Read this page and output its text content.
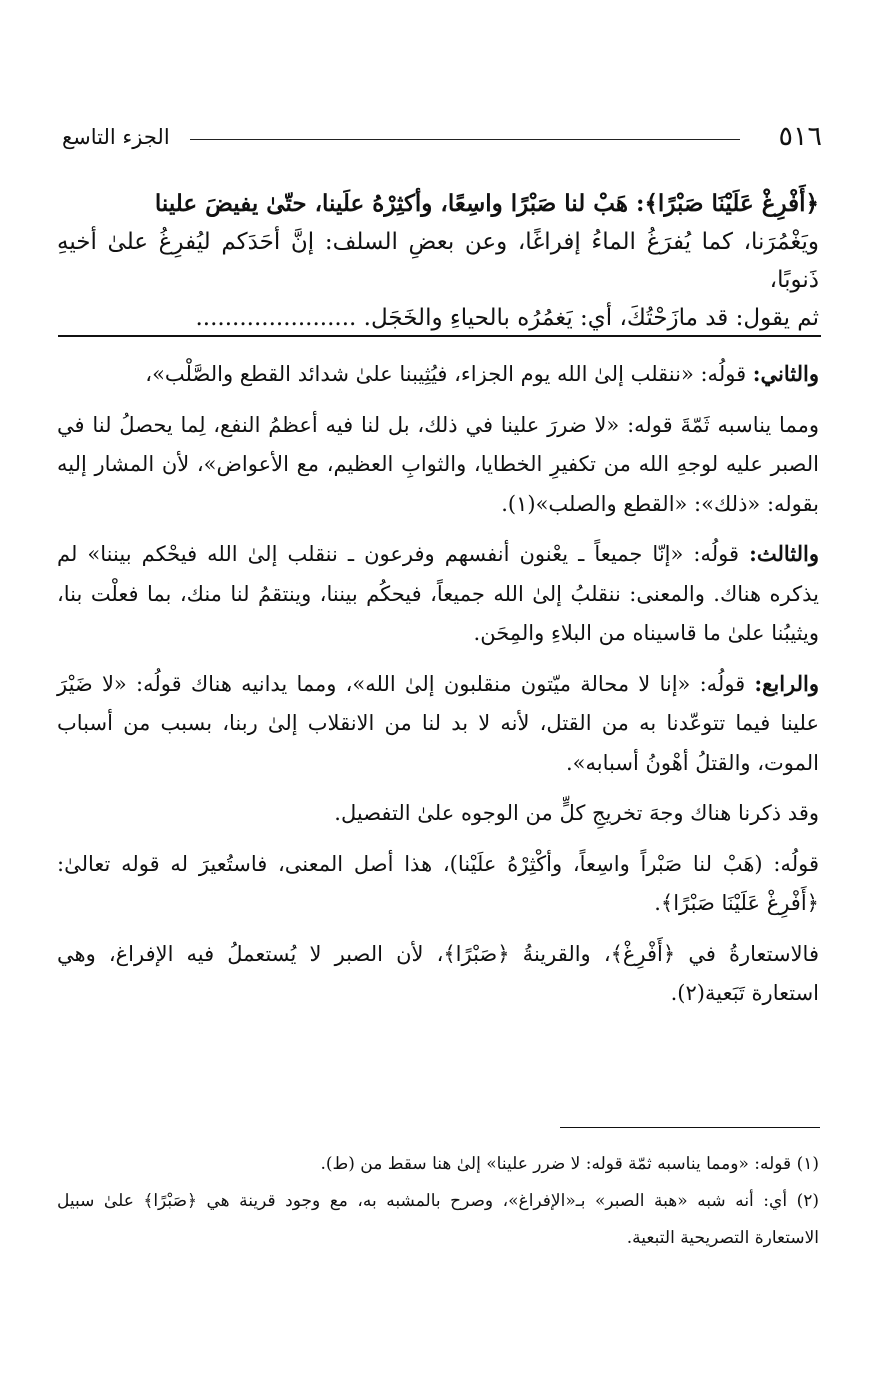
الجزء التاسع	٥١٦

﴿أَفْرِغْ عَلَيْنَا صَبْرًا﴾: هَبْ لنا صَبْرًا واسِعًا، وأكثِرْهُ علَينا، حتّىٰ يفيضَ علينا

ويَغْمُرَنا، كما يُفرَغُ الماءُ إفراغًا، وعن بعضِ السلف: إنَّ أحَدَكم ليُفرِغُ علىٰ أخيهِ ذَنوبًا،

ثم يقول: قد مازَحْتُكَ، أي: يَغمُرُه بالحياءِ والخَجَل. ......................

والثاني: قولُه: «ننقلب إلىٰ الله يوم الجزاء، فيُثِيبنا علىٰ شدائد القطع والصَّلْب»،

ومما يناسبه ثَمّةَ قوله: «لا ضررَ علينا في ذلك، بل لنا فيه أعظمُ النفع، لِما يحصلُ لنا في الصبر عليه لوجهِ الله من تكفيرِ الخطايا، والثوابِ العظيم، مع الأعواض»، لأن المشار إليه بقوله: «ذلك»: «القطع والصلب»(١).

والثالث: قولُه: «إنّا جميعاً ـ يعْنون أنفسهم وفرعون ـ ننقلب إلىٰ الله فيحْكم بيننا» لم يذكره هناك. والمعنى: ننقلبُ إلىٰ الله جميعاً، فيحكُم بيننا، وينتقمُ لنا منك، بما فعلْت بنا، ويثيبُنا علىٰ ما قاسيناه من البلاءِ والمِحَن.

والرابع: قولُه: «إنا لا محالة ميّتون منقلبون إلىٰ الله»، ومما يدانيه هناك قولُه: «لا ضَيْرَ علينا فيما تتوعّدنا به من القتل، لأنه لا بد لنا من الانقلاب إلىٰ ربنا، بسبب من أسباب الموت، والقتلُ أهْونُ أسبابه».

وقد ذكرنا هناك وجهَ تخريجِ كلٍّ من الوجوه علىٰ التفصيل.

قولُه: (هَبْ لنا صَبْراً واسِعاً، وأكْثِرْهُ علَيْنا)، هذا أصل المعنى، فاستُعيرَ له قوله تعالىٰ: ﴿أَفْرِغْ عَلَيْنَا صَبْرًا﴾.

فالاستعارةُ في ﴿أَفْرِغْ﴾، والقرينةُ ﴿صَبْرًا﴾، لأن الصبر لا يُستعملُ فيه الإفراغ، وهي استعارة تَبَعية(٢).

(١) قوله: «ومما يناسبه ثمّة قوله: لا ضرر علينا» إلىٰ هنا سقط من (ط).

(٢) أي: أنه شبه «هبة الصبر» بـ«الإفراغ»، وصرح بالمشبه به، مع وجود قرينة هي ﴿صَبْرًا﴾ علىٰ سبيل الاستعارة التصريحية التبعية.
